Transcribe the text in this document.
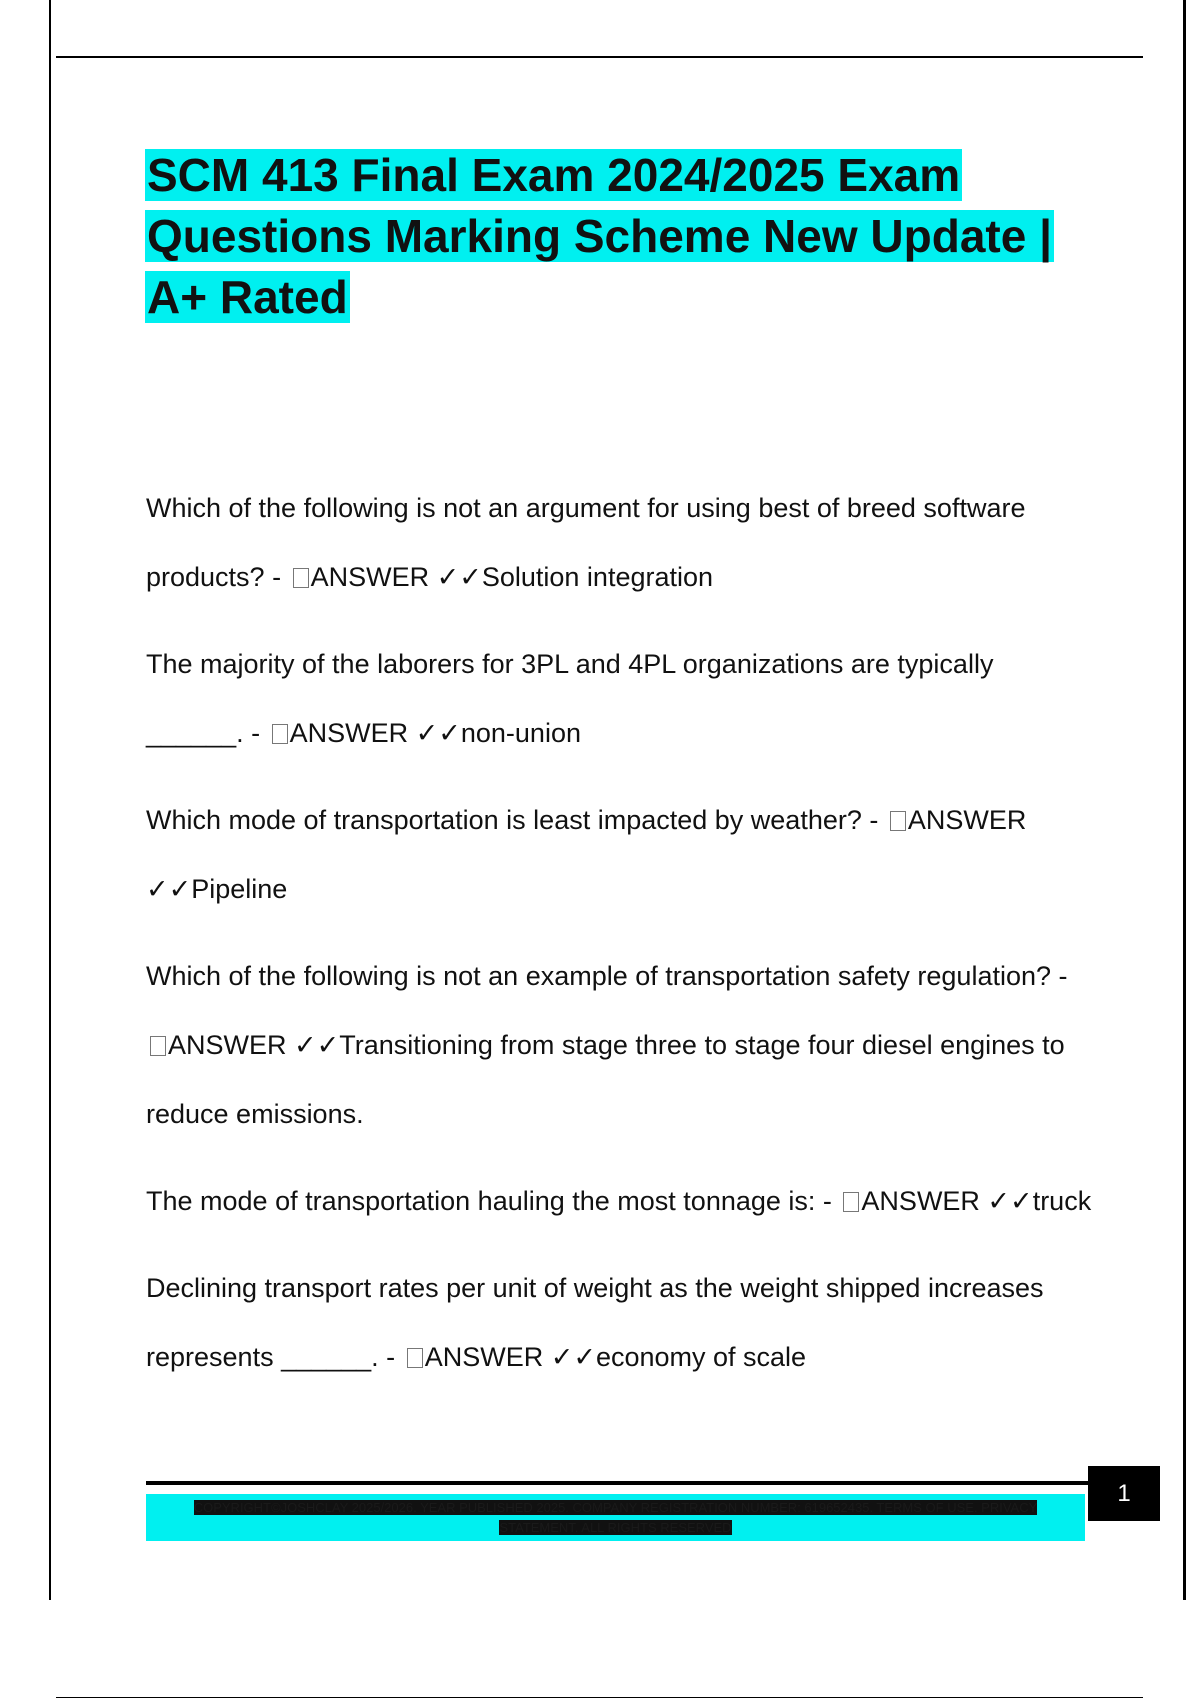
SCM 413 Final Exam 2024/2025 Exam Questions Marking Scheme New Update | A+ Rated
Which of the following is not an argument for using best of breed software products? - ANSWER ✓✓Solution integration
The majority of the laborers for 3PL and 4PL organizations are typically ______. - ANSWER ✓✓non-union
Which mode of transportation is least impacted by weather? - ANSWER ✓✓Pipeline
Which of the following is not an example of transportation safety regulation? - ANSWER ✓✓Transitioning from stage three to stage four diesel engines to reduce emissions.
The mode of transportation hauling the most tonnage is: - ANSWER ✓✓truck
Declining transport rates per unit of weight as the weight shipped increases represents ______. - ANSWER ✓✓economy of scale
COPYRIGHT©JOSHCLAY 2025/2026. YEAR PUBLISHED 2025. COMPANY REGISTRATION NUMBER: 619652435. TERMS OF USE. PRIVACY STATEMENT. ALL RIGHTS RESERVED
1
